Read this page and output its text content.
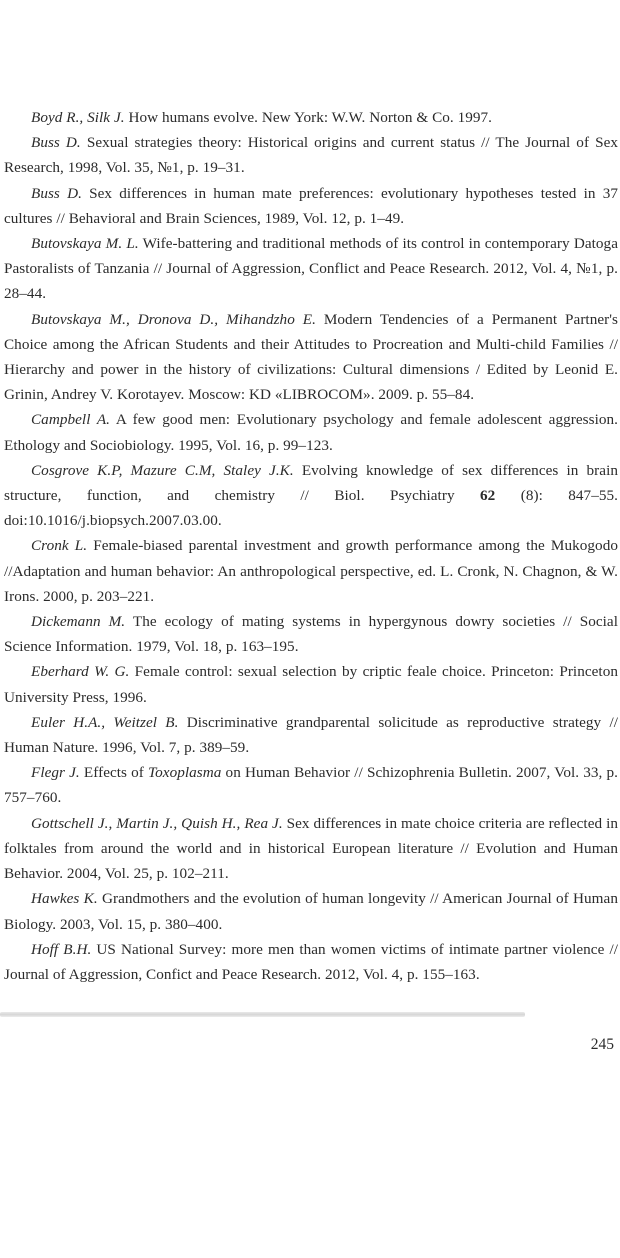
Boyd R., Silk J. How humans evolve. New York: W.W. Norton & Co. 1997.
Buss D. Sexual strategies theory: Historical origins and current status // The Journal of Sex Research, 1998, Vol. 35, №1, p. 19–31.
Buss D. Sex differences in human mate preferences: evolutionary hypotheses tested in 37 cultures // Behavioral and Brain Sciences, 1989, Vol. 12, p. 1–49.
Butovskaya M. L. Wife-battering and traditional methods of its control in contemporary Datoga Pastoralists of Tanzania // Journal of Aggression, Conflict and Peace Research. 2012, Vol. 4, №1, p. 28–44.
Butovskaya M., Dronova D., Mihandzho E. Modern Tendencies of a Permanent Partner's Choice among the African Students and their Attitudes to Procreation and Multi-child Families // Hierarchy and power in the history of civilizations: Cultural dimensions / Edited by Leonid E. Grinin, Andrey V. Korotayev. Moscow: KD «LIBROCOM». 2009. p. 55–84.
Campbell A. A few good men: Evolutionary psychology and female adolescent aggression. Ethology and Sociobiology. 1995, Vol. 16, p. 99–123.
Cosgrove K.P, Mazure C.M, Staley J.K. Evolving knowledge of sex differences in brain structure, function, and chemistry // Biol. Psychiatry 62 (8): 847–55. doi:10.1016/j.biopsych.2007.03.00.
Cronk L. Female-biased parental investment and growth performance among the Mukogodo //Adaptation and human behavior: An anthropological perspective, ed. L. Cronk, N. Chagnon, & W. Irons. 2000, p. 203–221.
Dickemann M. The ecology of mating systems in hypergynous dowry societies // Social Science Information. 1979, Vol. 18, p. 163–195.
Eberhard W. G. Female control: sexual selection by criptic feale choice. Princeton: Princeton University Press, 1996.
Euler H.A., Weitzel B. Discriminative grandparental solicitude as reproductive strategy // Human Nature. 1996, Vol. 7, p. 389–59.
Flegr J. Effects of Toxoplasma on Human Behavior // Schizophrenia Bulletin. 2007, Vol. 33, p. 757–760.
Gottschell J., Martin J., Quish H., Rea J. Sex differences in mate choice criteria are reflected in folktales from around the world and in historical European literature // Evolution and Human Behavior. 2004, Vol. 25, p. 102–211.
Hawkes K. Grandmothers and the evolution of human longevity // American Journal of Human Biology. 2003, Vol. 15, p. 380–400.
Hoff B.H. US National Survey: more men than women victims of intimate partner violence // Journal of Aggression, Confict and Peace Research. 2012, Vol. 4, p. 155–163.
245
